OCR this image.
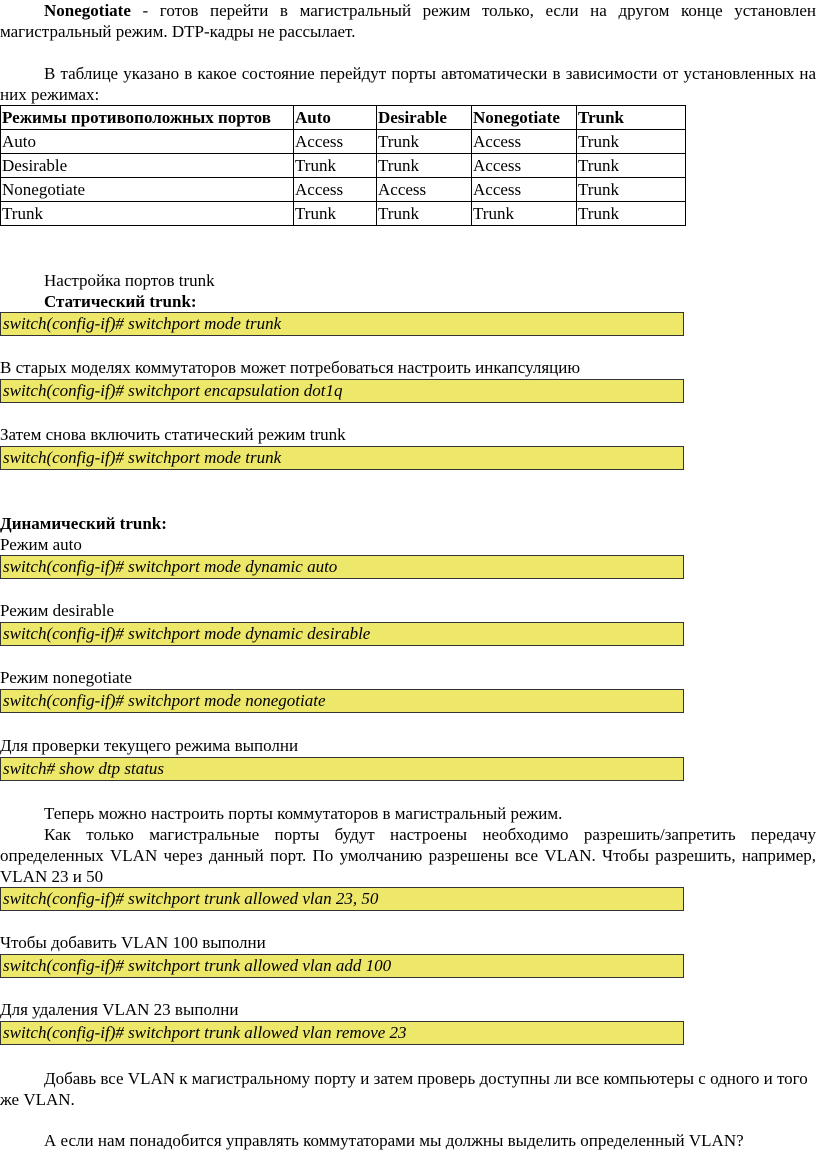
Nonegotiate - готов перейти в магистральный режим только, если на другом конце установлен магистральный режим. DTP-кадры не рассылает.

В таблице указано в какое состояние перейдут порты автоматически в зависимости от установленных на них режимах:

Режимы противоположных портов	Auto	Desirable	Nonegotiate	Trunk
Auto	Access	Trunk	Access	Trunk
Desirable	Trunk	Trunk	Access	Trunk
Nonegotiate	Access	Access	Access	Trunk
Trunk	Trunk	Trunk	Trunk	Trunk
Настройка портов trunk
Статический trunk:
switch(config-if)# switchport mode trunk
В старых моделях коммутаторов может потребоваться настроить инкапсуляцию
switch(config-if)# switchport encapsulation dot1q
Затем снова включить статический режим trunk
switch(config-if)# switchport mode trunk
Динамический trunk:
Режим auto
switch(config-if)# switchport mode dynamic auto
Режим desirable
switch(config-if)# switchport mode dynamic desirable
Режим nonegotiate
switch(config-if)# switchport mode nonegotiate
Для проверки текущего режима выполни
switch# show dtp status

Теперь можно настроить порты коммутаторов в магистральный режим.

Как только магистральные порты будут настроены необходимо разрешить/запретить передачу определенных VLAN через данный порт. По умолчанию разрешены все VLAN. Чтобы разрешить, например, VLAN 23 и 50

switch(config-if)# switchport trunk allowed vlan 23, 50
Чтобы добавить VLAN 100 выполни
switch(config-if)# switchport trunk allowed vlan add 100
Для удаления VLAN 23 выполни
switch(config-if)# switchport trunk allowed vlan remove 23

Добавь все VLAN к магистральному порту и затем проверь доступны ли все компьютеры с одного и того же VLAN.

А если нам понадобится управлять коммутаторами мы должны выделить определенный VLAN?
